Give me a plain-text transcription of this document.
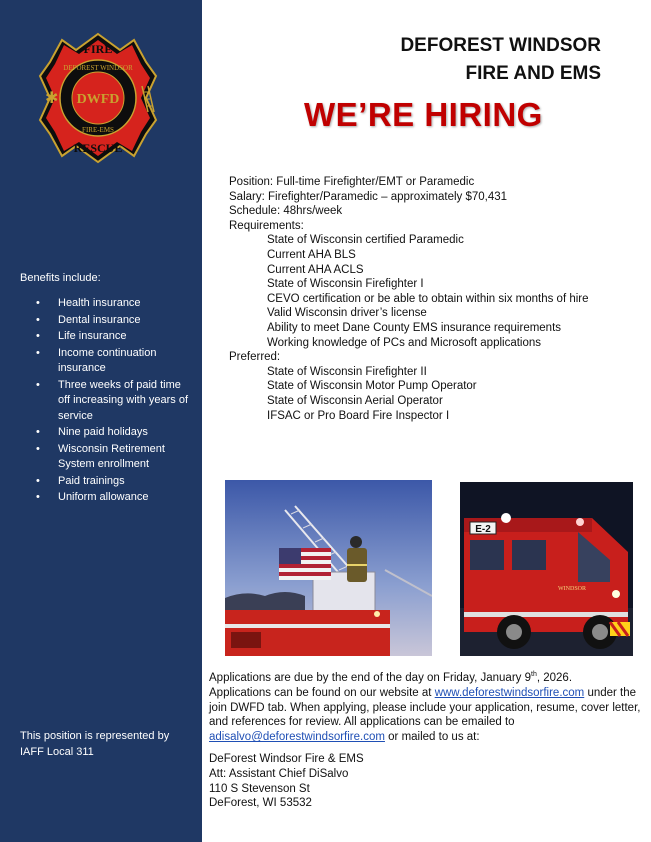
✱
FIRE
RESCUE
DEFOREST WINDSOR
FIRE-EMS
DWFD

Benefits include:

• Health insurance
• Dental insurance
• Life insurance
• Income continuation insurance
• Three weeks of paid time off increasing with years of service
• Nine paid holidays
• Wisconsin Retirement System enrollment
• Paid trainings
• Uniform allowance

This position is represented by IAFF Local 311

DEFOREST WINDSOR
FIRE AND EMS
WE’RE HIRING
Position: Full-time Firefighter/EMT or Paramedic
Salary: Firefighter/Paramedic – approximately $70,431
Schedule: 48hrs/week
Requirements:
State of Wisconsin certified Paramedic
Current AHA BLS
Current AHA ACLS
State of Wisconsin Firefighter I
CEVO certification or be able to obtain within six months of hire
Valid Wisconsin driver’s license
Ability to meet Dane County EMS insurance requirements
Working knowledge of PCs and Microsoft applications
Preferred:
State of Wisconsin Firefighter II
State of Wisconsin Motor Pump Operator
State of Wisconsin Aerial Operator
IFSAC or Pro Board Fire Inspector I
E-2
WINDSOR

Applications are due by the end of the day on Friday, January 9th, 2026.
Applications can be found on our website at www.deforestwindsorfire.com under the join DWFD tab. When applying, please include your application, resume, cover letter, and references for review. All applications can be emailed to adisalvo@deforestwindsorfire.com or mailed to us at:

DeForest Windsor Fire & EMS
Att: Assistant Chief DiSalvo
110 S Stevenson St
DeForest, WI 53532
